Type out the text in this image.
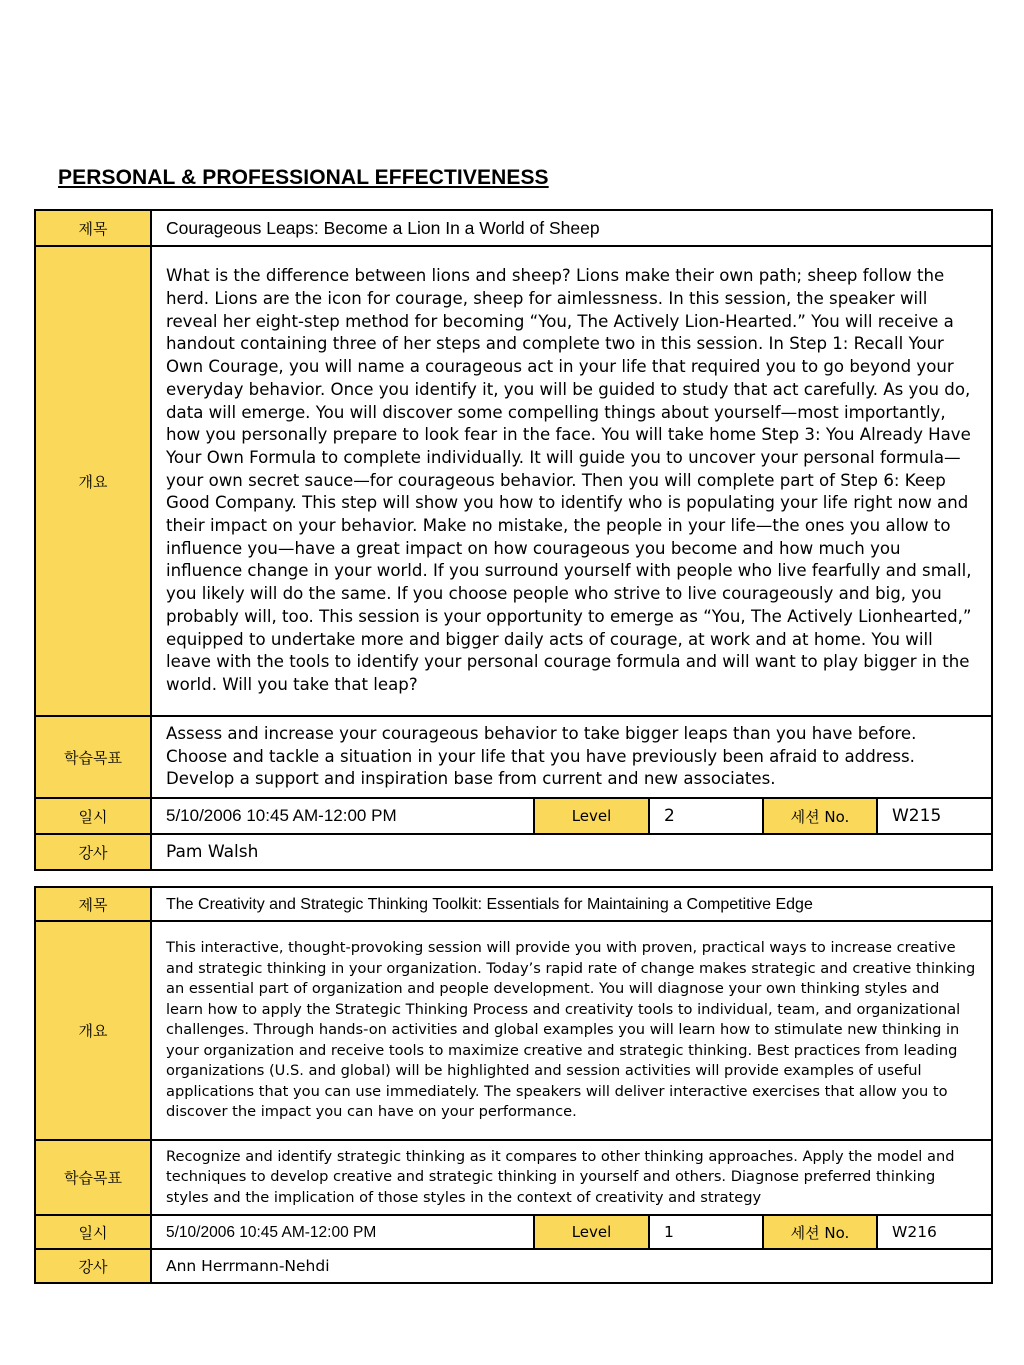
PERSONAL & PROFESSIONAL EFFECTIVENESS
제목	Courageous Leaps: Become a Lion In a World of Sheep				
개요	What is the difference between lions and sheep? Lions make their own path; sheep follow the herd. Lions are the icon for courage, sheep for aimlessness. In this session, the speaker will reveal her eight-step method for becoming “You, The Actively Lion-Hearted.” You will receive a handout containing three of her steps and complete two in this session. In Step 1: Recall Your Own Courage, you will name a courageous act in your life that required you to go beyond your everyday behavior. Once you identify it, you will be guided to study that act carefully. As you do, data will emerge. You will discover some compelling things about yourself—most importantly, how you personally prepare to look fear in the face. You will take home Step 3: You Already Have Your Own Formula to complete individually. It will guide you to uncover your personal formula—your own secret sauce—for courageous behavior. Then you will complete part of Step 6: Keep Good Company. This step will show you how to identify who is populating your life right now and their impact on your behavior. Make no mistake, the people in your life—the ones you allow to influence you—have a great impact on how courageous you become and how much you influence change in your world. If you surround yourself with people who live fearfully and small, you likely will do the same. If you choose people who strive to live courageously and big, you probably will, too. This session is your opportunity to emerge as “You, The Actively Lionhearted,” equipped to undertake more and bigger daily acts of courage, at work and at home. You will leave with the tools to identify your personal courage formula and will want to play bigger in the world. Will you take that leap?				
학습목표	Assess and increase your courageous behavior to take bigger leaps than you have before. Choose and tackle a situation in your life that you have previously been afraid to address. Develop a support and inspiration base from current and new associates.				
일시	5/10/2006 10:45 AM-12:00 PM	Level	2	세션 No.	W215
강사	Pam Walsh				
제목	The Creativity and Strategic Thinking Toolkit: Essentials for Maintaining a Competitive Edge				
개요	This interactive, thought-provoking session will provide you with proven, practical ways to increase creative and strategic thinking in your organization. Today’s rapid rate of change makes strategic and creative thinking an essential part of organization and people development. You will diagnose your own thinking styles and learn how to apply the Strategic Thinking Process and creativity tools to individual, team, and organizational challenges. Through hands-on activities and global examples you will learn how to stimulate new thinking in your organization and receive tools to maximize creative and strategic thinking. Best practices from leading organizations (U.S. and global) will be highlighted and session activities will provide examples of useful applications that you can use immediately. The speakers will deliver interactive exercises that allow you to discover the impact you can have on your performance.				
학습목표	Recognize and identify strategic thinking as it compares to other thinking approaches. Apply the model and techniques to develop creative and strategic thinking in yourself and others. Diagnose preferred thinking styles and the implication of those styles in the context of creativity and strategy				
일시	5/10/2006 10:45 AM-12:00 PM	Level	1	세션 No.	W216
강사	Ann Herrmann-Nehdi				
